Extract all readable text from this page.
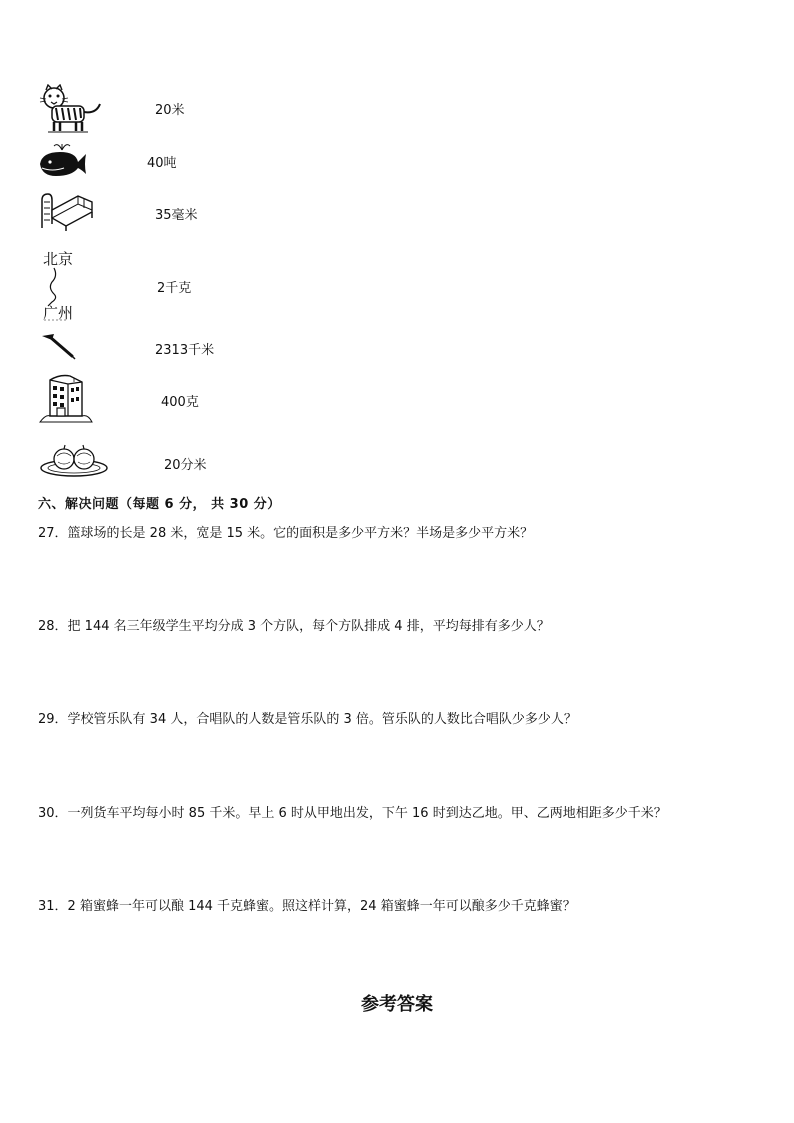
20米
40吨
35毫米
北京
广州
2千克
2313千米
400克
20分米
六、解决问题（每题 6 分， 共 30 分）
27．篮球场的长是 28 米，宽是 15 米。它的面积是多少平方米？半场是多少平方米？
28．把 144 名三年级学生平均分成 3 个方队，每个方队排成 4 排，平均每排有多少人？
29．学校管乐队有 34 人，合唱队的人数是管乐队的 3 倍。管乐队的人数比合唱队少多少人？
30．一列货车平均每小时 85 千米。早上 6 时从甲地出发，下午 16 时到达乙地。甲、乙两地相距多少千米？
31．2 箱蜜蜂一年可以酿 144 千克蜂蜜。照这样计算，24 箱蜜蜂一年可以酿多少千克蜂蜜？
参考答案
